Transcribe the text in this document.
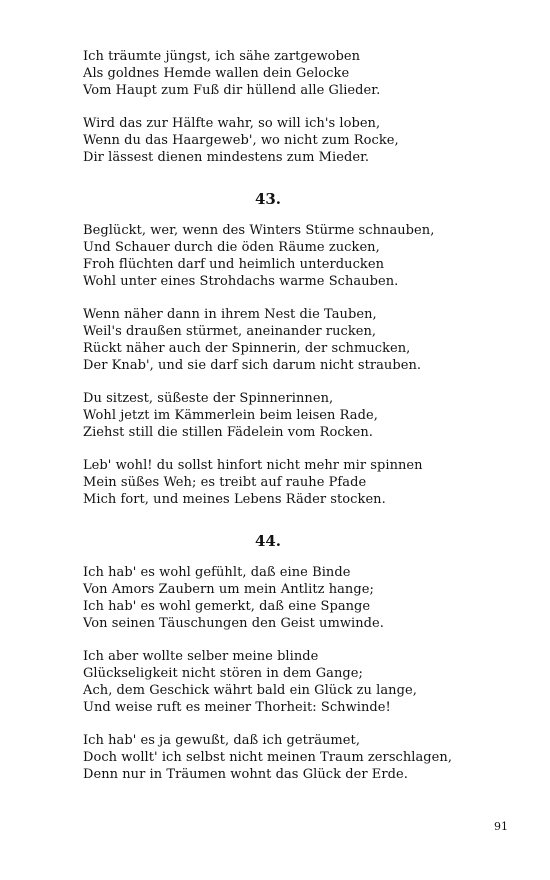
Ich träumte jüngst, ich sähe zartgewoben
Als goldnes Hemde wallen dein Gelocke
Vom Haupt zum Fuß dir hüllend alle Glieder.
Wird das zur Hälfte wahr, so will ich's loben,
Wenn du das Haargeweb', wo nicht zum Rocke,
Dir lässest dienen mindestens zum Mieder.
43.
Beglückt, wer, wenn des Winters Stürme schnauben,
Und Schauer durch die öden Räume zucken,
Froh flüchten darf und heimlich unterducken
Wohl unter eines Strohdachs warme Schauben.
Wenn näher dann in ihrem Nest die Tauben,
Weil's draußen stürmet, aneinander rucken,
Rückt näher auch der Spinnerin, der schmucken,
Der Knab', und sie darf sich darum nicht strauben.
Du sitzest, süßeste der Spinnerinnen,
Wohl jetzt im Kämmerlein beim leisen Rade,
Ziehst still die stillen Fädelein vom Rocken.
Leb' wohl! du sollst hinfort nicht mehr mir spinnen
Mein süßes Weh; es treibt auf rauhe Pfade
Mich fort, und meines Lebens Räder stocken.
44.
Ich hab' es wohl gefühlt, daß eine Binde
Von Amors Zaubern um mein Antlitz hange;
Ich hab' es wohl gemerkt, daß eine Spange
Von seinen Täuschungen den Geist umwinde.
Ich aber wollte selber meine blinde
Glückseligkeit nicht stören in dem Gange;
Ach, dem Geschick währt bald ein Glück zu lange,
Und weise ruft es meiner Thorheit: Schwinde!
Ich hab' es ja gewußt, daß ich geträumet,
Doch wollt' ich selbst nicht meinen Traum zerschlagen,
Denn nur in Träumen wohnt das Glück der Erde.
91
